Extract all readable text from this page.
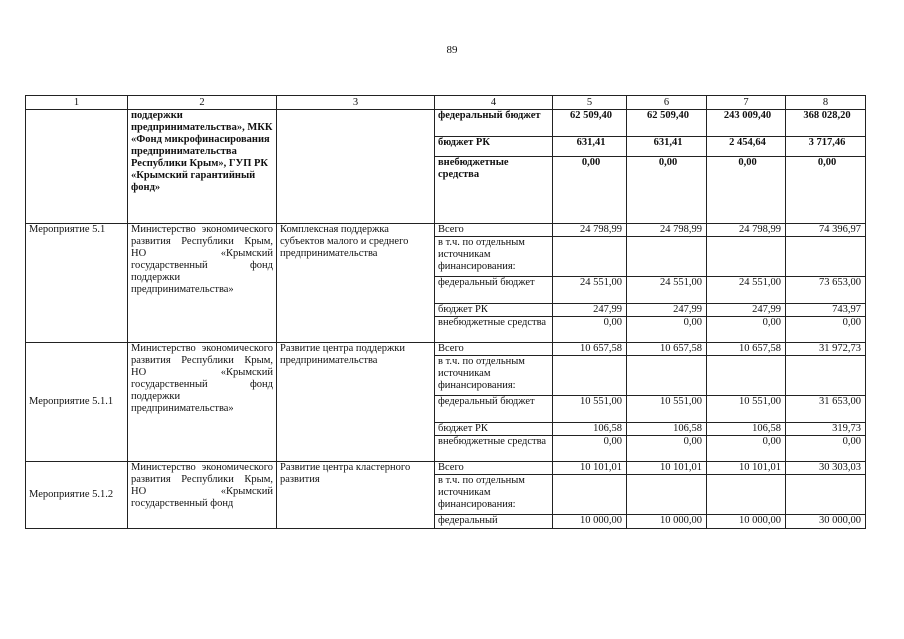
89
1	2	3	4	5	6	7	8
	поддержки предпринимательства», МКК «Фонд микрофинасирования предпринимательства Республики Крым», ГУП РК «Крымский гарантийный фонд»		федеральный бюджет	62 509,40	62 509,40	243 009,40	368 028,20
			бюджет РК	631,41	631,41	2 454,64	3 717,46
			внебюджетные средства	0,00	0,00	0,00	0,00
Мероприятие 5.1	Министерство экономического развития Республики Крым, НО «Крымский государственный фонд поддержки предпринимательства»	Комплексная поддержка субъектов малого и среднего предпринимательства	Всего	24 798,99	24 798,99	24 798,99	74 396,97
			в т.ч. по отдельным источникам финансирования:				
			федеральный бюджет	24 551,00	24 551,00	24 551,00	73 653,00
			бюджет РК	247,99	247,99	247,99	743,97
			внебюджетные средства	0,00	0,00	0,00	0,00
Мероприятие 5.1.1	Министерство экономического развития Республики Крым, НО «Крымский государственный фонд поддержки предпринимательства»	Развитие центра поддержки предпринимательства	Всего	10 657,58	10 657,58	10 657,58	31 972,73
			в т.ч. по отдельным источникам финансирования:				
			федеральный бюджет	10 551,00	10 551,00	10 551,00	31 653,00
			бюджет РК	106,58	106,58	106,58	319,73
			внебюджетные средства	0,00	0,00	0,00	0,00
Мероприятие 5.1.2	Министерство экономического развития Республики Крым, НО «Крымский государственный фонд	Развитие центра кластерного развития	Всего	10 101,01	10 101,01	10 101,01	30 303,03
			в т.ч. по отдельным источникам финансирования:				
			федеральный	10 000,00	10 000,00	10 000,00	30 000,00
